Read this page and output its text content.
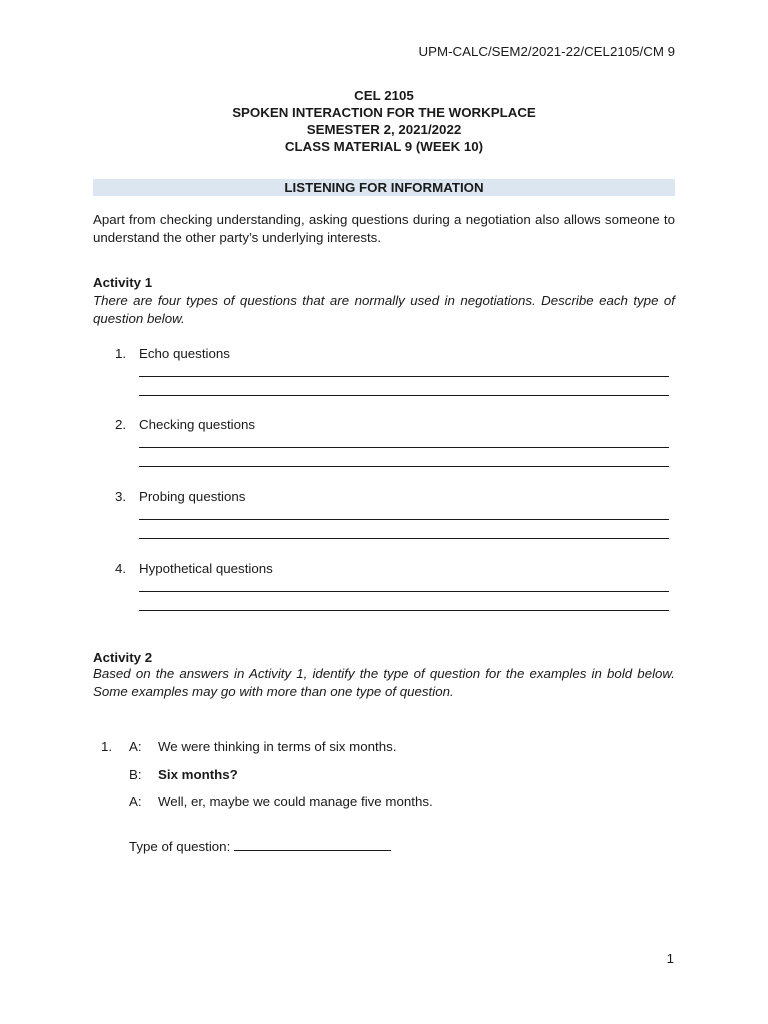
UPM-CALC/SEM2/2021-22/CEL2105/CM 9
CEL 2105
SPOKEN INTERACTION FOR THE WORKPLACE
SEMESTER 2, 2021/2022
CLASS MATERIAL 9 (WEEK 10)
LISTENING FOR INFORMATION
Apart from checking understanding, asking questions during a negotiation also allows someone to understand the other party’s underlying interests.
Activity 1
There are four types of questions that are normally used in negotiations. Describe each type of question below.
1. Echo questions
2. Checking questions
3. Probing questions
4. Hypothetical questions
Activity 2
Based on the answers in Activity 1, identify the type of question for the examples in bold below. Some examples may go with more than one type of question.
1. A: We were thinking in terms of six months.
B: Six months?
A: Well, er, maybe we could manage five months.
Type of question:
1
